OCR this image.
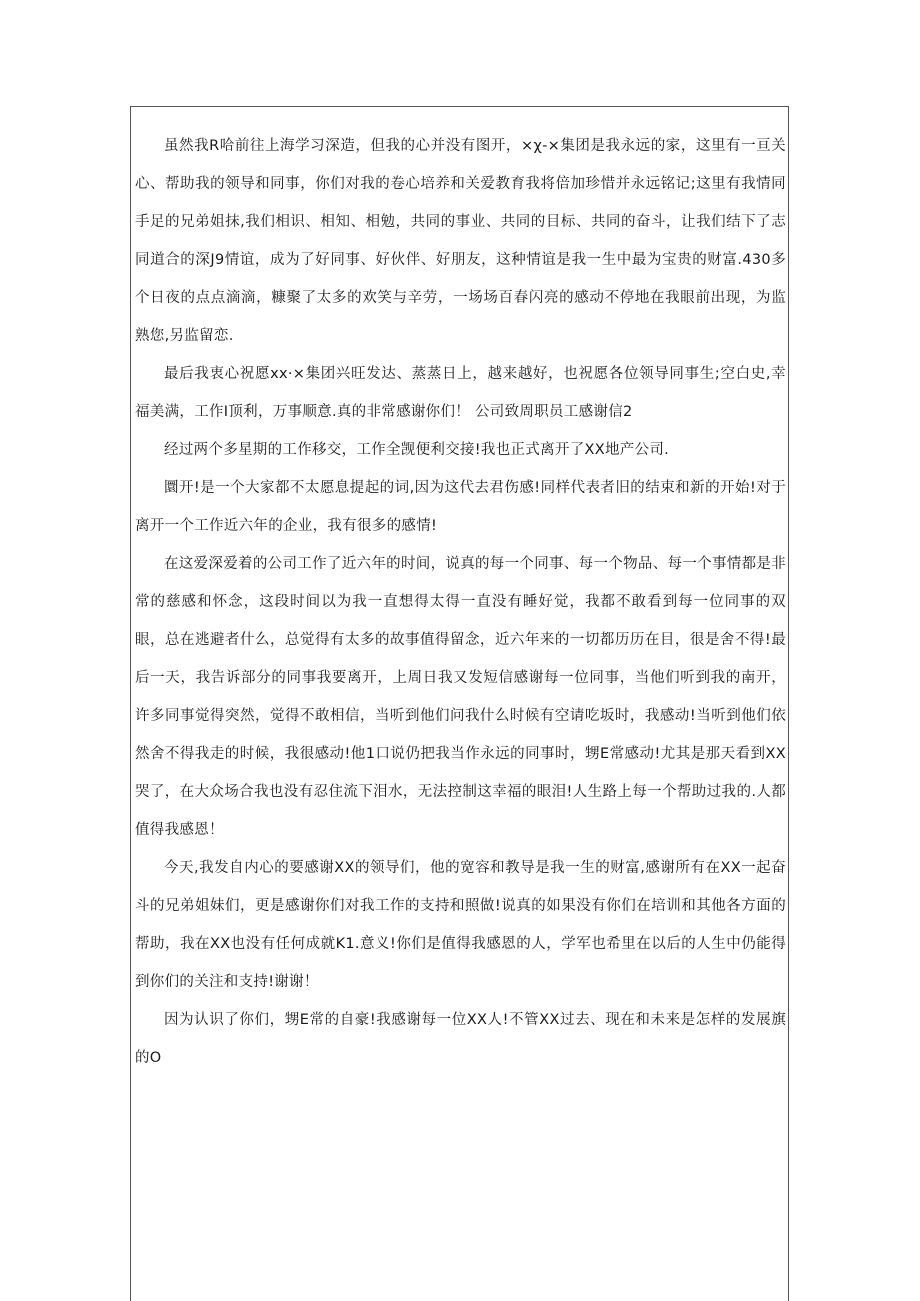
虽然我R哈前往上海学习深造，但我的心并没有图开，×χ-×集团是我永远的家，这里有一亘关心、帮助我的领导和同事，你们对我的卷心培养和关爱教育我将倍加珍惜并永远铭记;这里有我情同手足的兄弟姐抹,我们相识、相知、相勉，共同的事业、共同的目标、共同的奋斗，让我们结下了志同道合的深J9情谊，成为了好同事、好伙伴、好朋友，这种情谊是我一生中最为宝贵的财富.430多个日夜的点点滴滴，糠聚了太多的欢笑与辛劳，一场场百春闪亮的感动不停地在我眼前出现，为监熟您,另监留恋.

最后我衷心祝愿xx·×集团兴旺发达、蒸蒸日上，越来越好，也祝愿各位领导同事生;空白史,幸福美满，工作I顶利，万事顺意.真的非常感谢你们！ 公司致周职员工感谢信2

经过两个多星期的工作移交，工作全觊便利交接!我也正式离开了XX地产公司.

圜开!是一个大家都不太愿息提起的词,因为这代去君伤感!同样代表者旧的结束和新的开始!对于离开一个工作近六年的企业，我有很多的感情!

在这爱深爱着的公司工作了近六年的时间，说真的每一个同事、每一个物品、每一个事情都是非常的慈感和怀念，这段时间以为我一直想得太得一直没有睡好觉，我都不敢看到每一位同事的双眼，总在逃避者什么，总觉得有太多的故事值得留念，近六年来的一切都历历在目，很是舍不得!最后一天，我告诉部分的同事我要离开，上周日我又发短信感谢每一位同事，当他们听到我的南开，许多同事觉得突然，觉得不敢相信，当听到他们问我什么时候有空请吃坂时，我感动!当听到他们依然舍不得我走的时候，我很感动!他1口说仍把我当作永远的同事时，甥E常感动!尤其是那天看到XX哭了，在大众场合我也没有忍住流下泪水，无法控制这幸福的眼泪!人生路上每一个帮助过我的.人都值得我感恩！

今天,我发自内心的要感谢XX的领导们，他的宽容和教导是我一生的财富,感谢所有在XX一起奋斗的兄弟姐妹们，更是感谢你们对我工作的支持和照做!说真的如果没有你们在培训和其他各方面的帮助，我在XX也没有任何成就K1.意义!你们是值得我感恩的人，学军也希里在以后的人生中仍能得到你们的关注和支持!谢谢！

因为认识了你们，甥E常的自豪!我感谢每一位XX人!不管XX过去、现在和未来是怎样的发展旗的O
